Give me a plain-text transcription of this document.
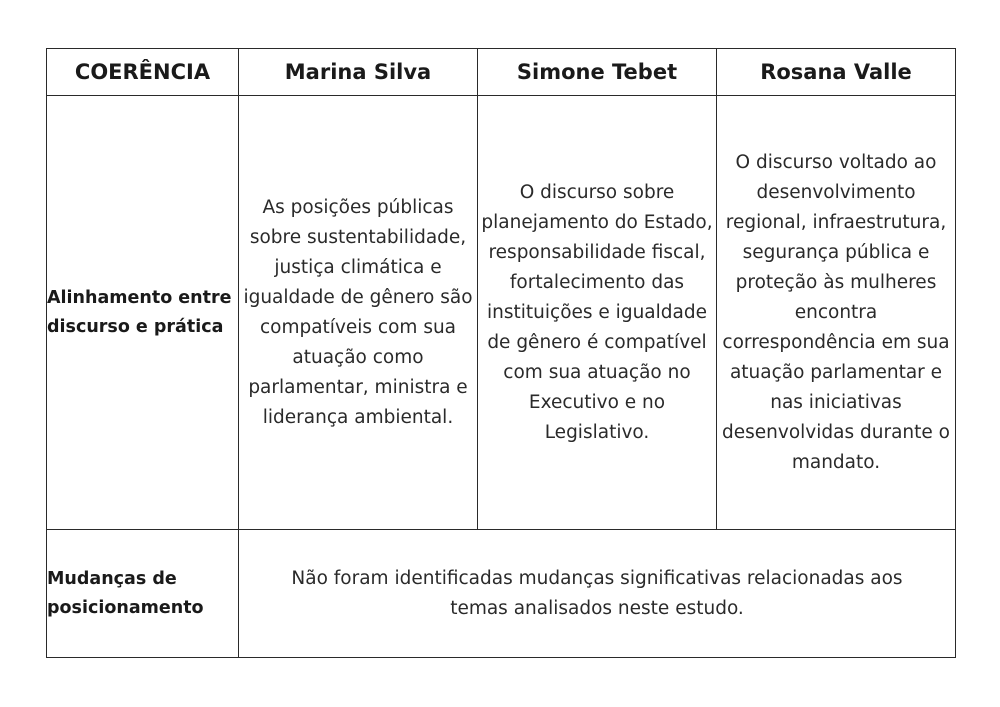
COERÊNCIA	Marina Silva	Simone Tebet	Rosana Valle
Alinhamento entre discurso e prática	As posições públicas sobre sustentabilidade, justiça climática e igualdade de gênero são compatíveis com sua atuação como parlamentar, ministra e liderança ambiental.	O discurso sobre planejamento do Estado, responsabilidade fiscal, fortalecimento das instituições e igualdade de gênero é compatível com sua atuação no Executivo e no Legislativo.	O discurso voltado ao desenvolvimento regional, infraestrutura, segurança pública e proteção às mulheres encontra correspondência em sua atuação parlamentar e nas iniciativas desenvolvidas durante o mandato.
Mudanças de posicionamento	Não foram identificadas mudanças significativas relacionadas aos temas analisados neste estudo.		
